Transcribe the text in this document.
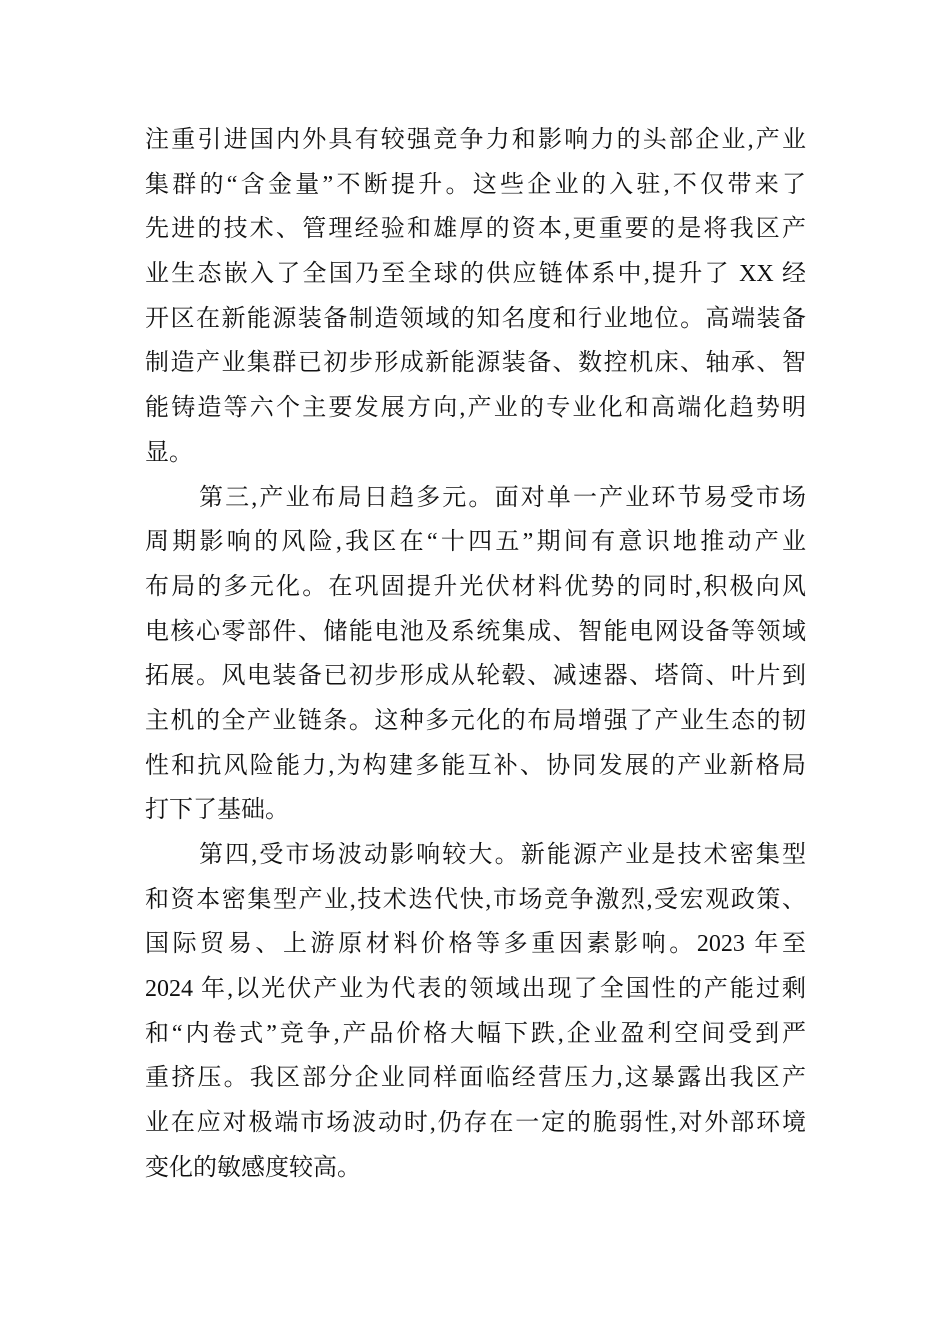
注重引进国内外具有较强竞争力和影响力的头部企业,产业
集群的“含金量”不断提升。这些企业的入驻,不仅带来了
先进的技术、管理经验和雄厚的资本,更重要的是将我区产
业生态嵌入了全国乃至全球的供应链体系中,提升了 XX 经
开区在新能源装备制造领域的知名度和行业地位。高端装备
制造产业集群已初步形成新能源装备、数控机床、轴承、智
能铸造等六个主要发展方向,产业的专业化和高端化趋势明
显。
第三,产业布局日趋多元。面对单一产业环节易受市场
周期影响的风险,我区在“十四五”期间有意识地推动产业
布局的多元化。在巩固提升光伏材料优势的同时,积极向风
电核心零部件、储能电池及系统集成、智能电网设备等领域
拓展。风电装备已初步形成从轮毂、减速器、塔筒、叶片到
主机的全产业链条。这种多元化的布局增强了产业生态的韧
性和抗风险能力,为构建多能互补、协同发展的产业新格局
打下了基础。
第四,受市场波动影响较大。新能源产业是技术密集型
和资本密集型产业,技术迭代快,市场竞争激烈,受宏观政策、
国际贸易、上游原材料价格等多重因素影响。2023 年至
2024 年,以光伏产业为代表的领域出现了全国性的产能过剩
和“内卷式”竞争,产品价格大幅下跌,企业盈利空间受到严
重挤压。我区部分企业同样面临经营压力,这暴露出我区产
业在应对极端市场波动时,仍存在一定的脆弱性,对外部环境
变化的敏感度较高。
